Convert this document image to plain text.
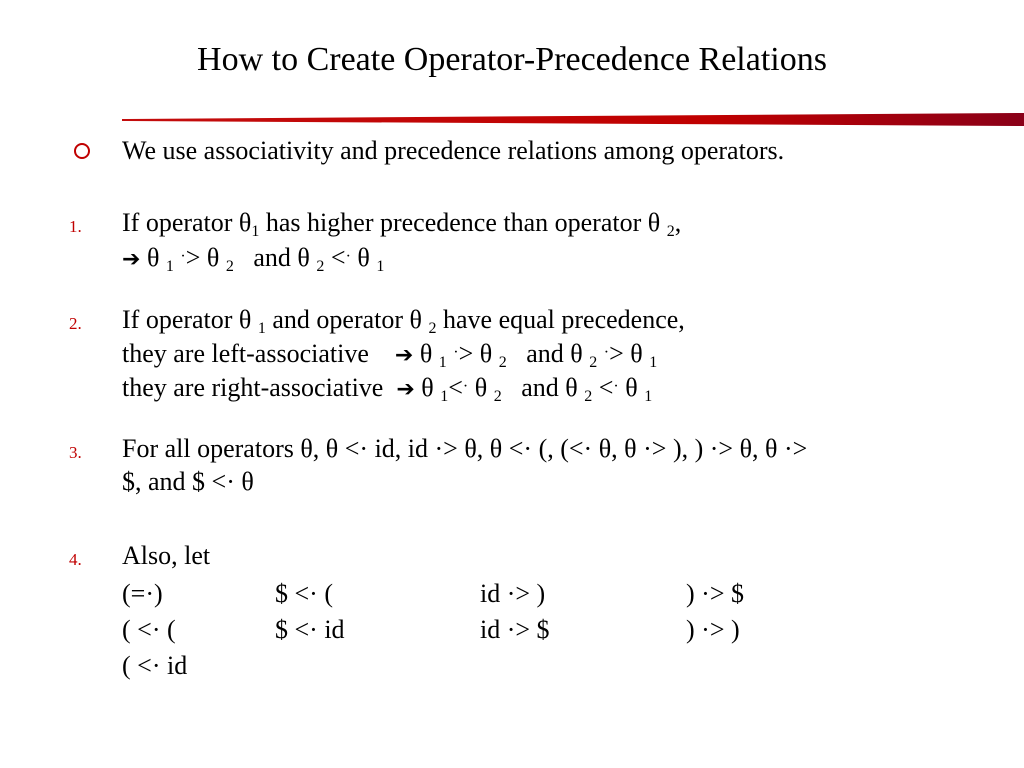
How to Create Operator-Precedence Relations
We use associativity and precedence relations among operators.
1. If operator $\theta_1$ has higher precedence than operator θ $_2$,
➔ θ $_1$ ·> θ $_2$ and θ $_2$ <· θ $_1$
2. If operator θ $_1$ and operator θ $_2$ have equal precedence,
they are left-associative ➔ θ $_1$ ·> θ $_2$ and θ $_2$ ·> θ $_1$
they are right-associative ➔ θ $_1$<· θ $_2$ and θ $_2$ <· θ $_1$
3. For all operators θ, θ <· id, id ·> θ, θ <· (, (<· θ, θ ·> ), ) ·> θ, θ ·>
$, and $ <· θ
4. Also, let
(=·)	$ <· (	id ·> )	) ·> $
( <· (	$ <· id	id ·> $	) ·> )
( <· id
